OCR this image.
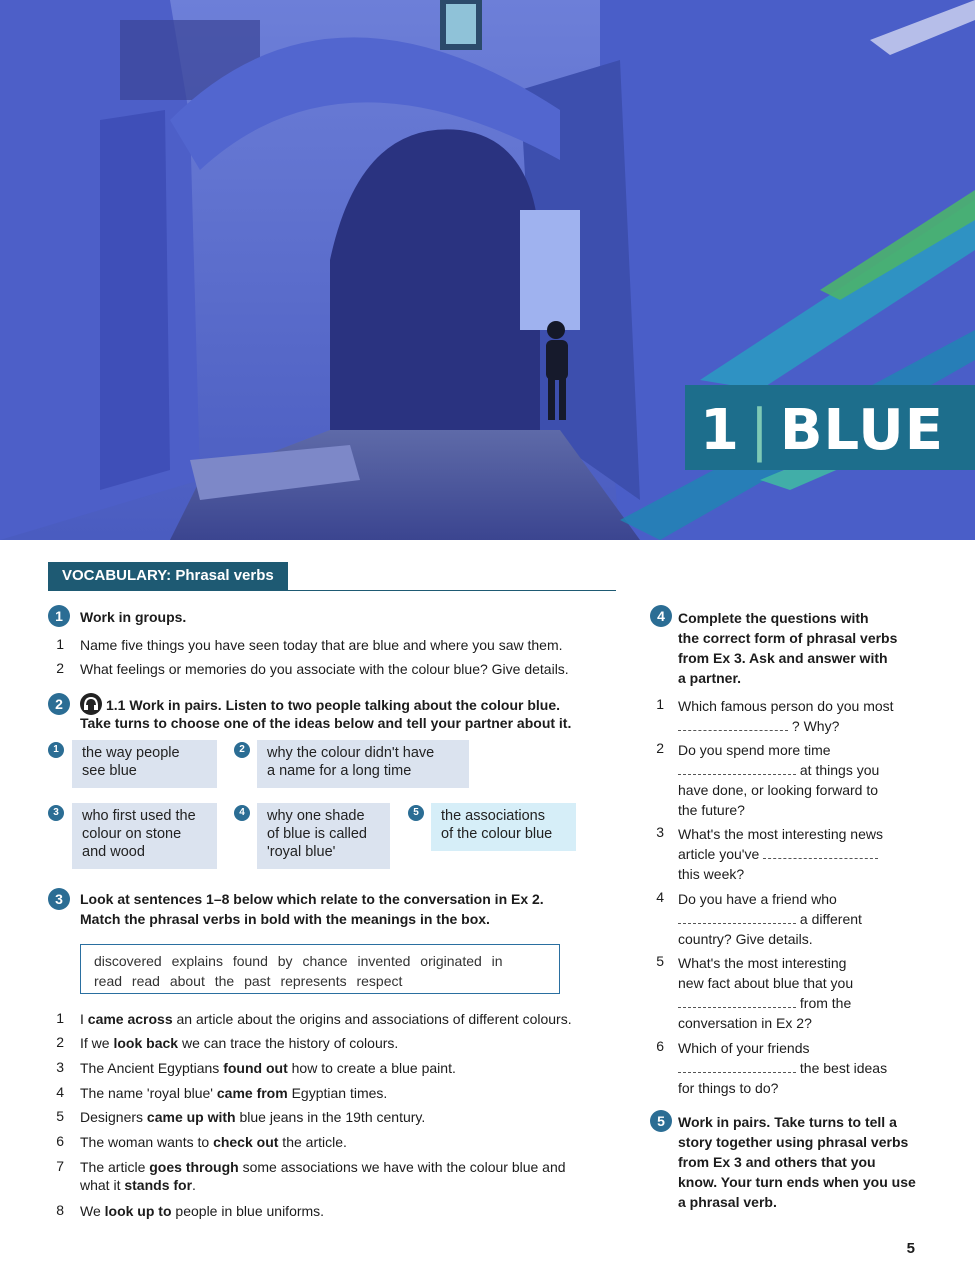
1 | BLUE
VOCABULARY: Phrasal verbs
1	Work in groups.
1 Name five things you have seen today that are blue and where you saw them.
2 What feelings or memories do you associate with the colour blue? Give details.
2	1.1 Work in pairs. Listen to two people talking about the colour blue.
Take turns to choose one of the ideas below and tell your partner about it.
1	the way people
see blue
2	why the colour didn't have
a name for a long time
3	who first used the
colour on stone
and wood
4	why one shade
of blue is called
'royal blue'
5	the associations
of the colour blue
3	Look at sentences 1–8 below which relate to the conversation in Ex 2.
Match the phrasal verbs in bold with the meanings in the box.
discovered explains found by chance invented originated in
read read about the past represents respect
1 I came across an article about the origins and associations of different colours.
2 If we look back we can trace the history of colours.
3 The Ancient Egyptians found out how to create a blue paint.
4 The name 'royal blue' came from Egyptian times.
5 Designers came up with blue jeans in the 19th century.
6 The woman wants to check out the article.
7 The article goes through some associations we have with the colour blue and
what it stands for.
8 We look up to people in blue uniforms.
4 Complete the questions with
the correct form of phrasal verbs
from Ex 3. Ask and answer with
a partner.
1 Which famous person do you most
? Why?
2 Do you spend more time
at things you
have done, or looking forward to
the future?
3 What's the most interesting news
article you've
this week?
4 Do you have a friend who
a different
country? Give details.
5 What's the most interesting
new fact about blue that you
from the
conversation in Ex 2?
6 Which of your friends
the best ideas
for things to do?
5 Work in pairs. Take turns to tell a
story together using phrasal verbs
from Ex 3 and others that you
know. Your turn ends when you use
a phrasal verb.
5
